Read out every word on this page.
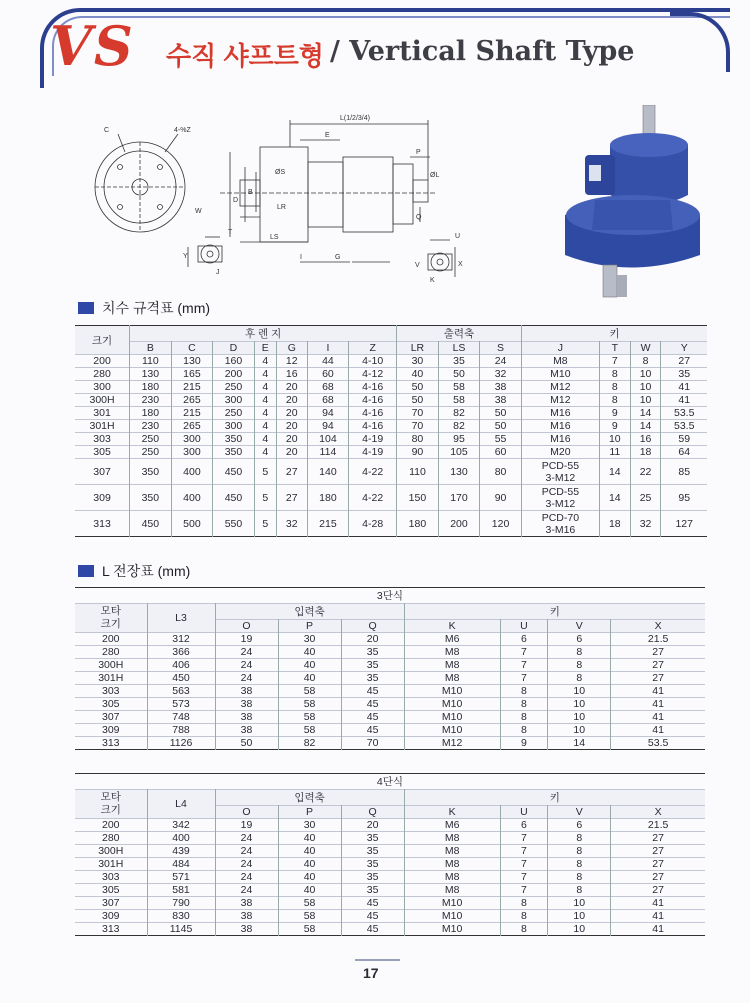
VS 수직 샤프트형 / Vertical Shaft Type
C	4-%Z
L(1/2/3/4)
E
P
ØS	ØL
LR
B
D
LS
I	G
Q
W
T
Y
J
U
V	X
K
치수 규격표 (mm)
크기	후 렌 지							출력축			키			
	B	C	D	E	G	I	Z	LR	LS	S	J	T	W	Y
200	110	130	160	4	12	44	4-10	30	35	24	M8	7	8	27
280	130	165	200	4	16	60	4-12	40	50	32	M10	8	10	35
300	180	215	250	4	20	68	4-16	50	58	38	M12	8	10	41
300H	230	265	300	4	20	68	4-16	50	58	38	M12	8	10	41
301	180	215	250	4	20	94	4-16	70	82	50	M16	9	14	53.5
301H	230	265	300	4	20	94	4-16	70	82	50	M16	9	14	53.5
303	250	300	350	4	20	104	4-19	80	95	55	M16	10	16	59
305	250	300	350	4	20	114	4-19	90	105	60	M20	11	18	64
307	350	400	450	5	27	140	4-22	110	130	80	PCD-55
3-M12	14	22	85
309	350	400	450	5	27	180	4-22	150	170	90	PCD-55
3-M12	14	25	95
313	450	500	550	5	32	215	4-28	180	200	120	PCD-70
3-M16	18	32	127
L 전장표 (mm)
3단식								
모타
크기	L3	입력축			키			
		O	P	Q	K	U	V	X
200	312	19	30	20	M6	6	6	21.5
280	366	24	40	35	M8	7	8	27
300H	406	24	40	35	M8	7	8	27
301H	450	24	40	35	M8	7	8	27
303	563	38	58	45	M10	8	10	41
305	573	38	58	45	M10	8	10	41
307	748	38	58	45	M10	8	10	41
309	788	38	58	45	M10	8	10	41
313	1126	50	82	70	M12	9	14	53.5
4단식								
모타
크기	L4	입력축			키			
		O	P	Q	K	U	V	X
200	342	19	30	20	M6	6	6	21.5
280	400	24	40	35	M8	7	8	27
300H	439	24	40	35	M8	7	8	27
301H	484	24	40	35	M8	7	8	27
303	571	24	40	35	M8	7	8	27
305	581	24	40	35	M8	7	8	27
307	790	38	58	45	M10	8	10	41
309	830	38	58	45	M10	8	10	41
313	1145	38	58	45	M10	8	10	41
17
